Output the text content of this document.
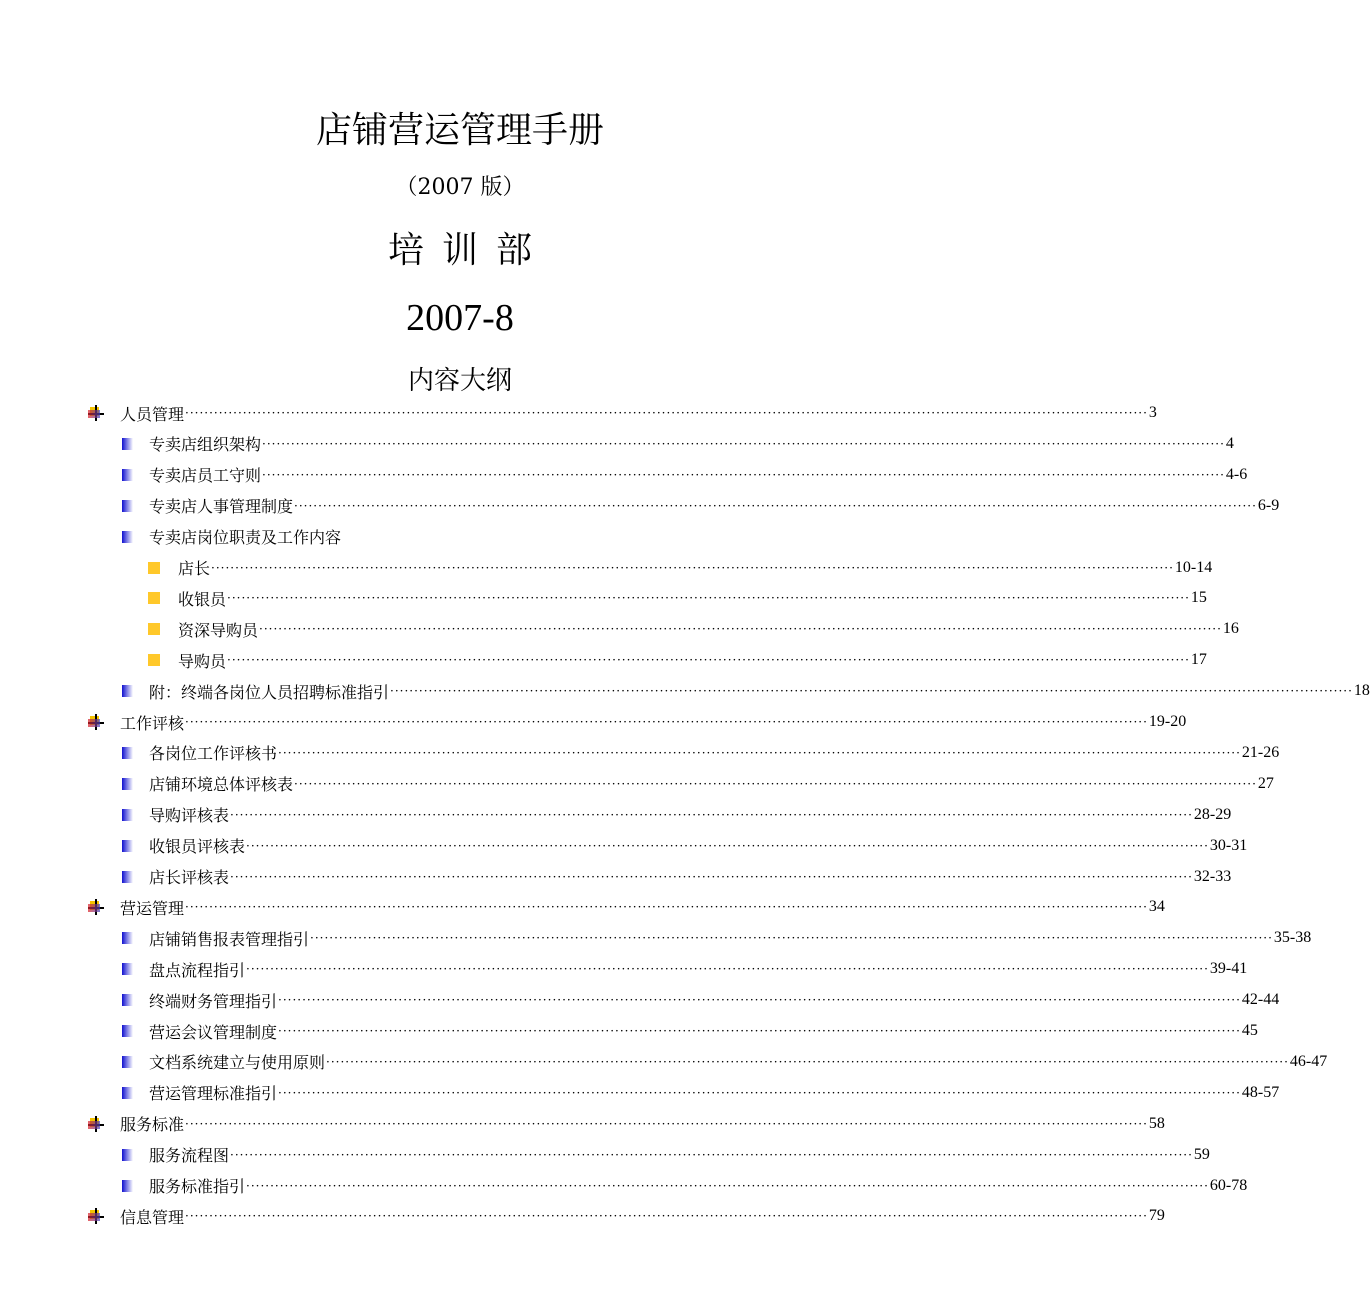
店铺营运管理手册
（2007 版）
培训部
2007-8
内容大纲
人员管理 ········································································································································································································ 3
专卖店组织架构 ········································································································································································································ 4
专卖店员工守则 ········································································································································································································ 4-6
专卖店人事管理制度 ········································································································································································································ 6-9
专卖店岗位职责及工作内容
店长 ········································································································································································································ 10-14
收银员 ········································································································································································································ 15
资深导购员 ········································································································································································································ 16
导购员 ········································································································································································································ 17
附：终端各岗位人员招聘标准指引 ········································································································································································································ 18
工作评核 ········································································································································································································ 19-20
各岗位工作评核书 ········································································································································································································ 21-26
店铺环境总体评核表 ········································································································································································································ 27
导购评核表 ········································································································································································································ 28-29
收银员评核表 ········································································································································································································ 30-31
店长评核表 ········································································································································································································ 32-33
营运管理 ········································································································································································································ 34
店铺销售报表管理指引 ········································································································································································································ 35-38
盘点流程指引 ········································································································································································································ 39-41
终端财务管理指引 ········································································································································································································ 42-44
营运会议管理制度 ········································································································································································································ 45
文档系统建立与使用原则 ········································································································································································································ 46-47
营运管理标准指引 ········································································································································································································ 48-57
服务标准 ········································································································································································································ 58
服务流程图 ········································································································································································································ 59
服务标准指引 ········································································································································································································ 60-78
信息管理 ········································································································································································································ 79
